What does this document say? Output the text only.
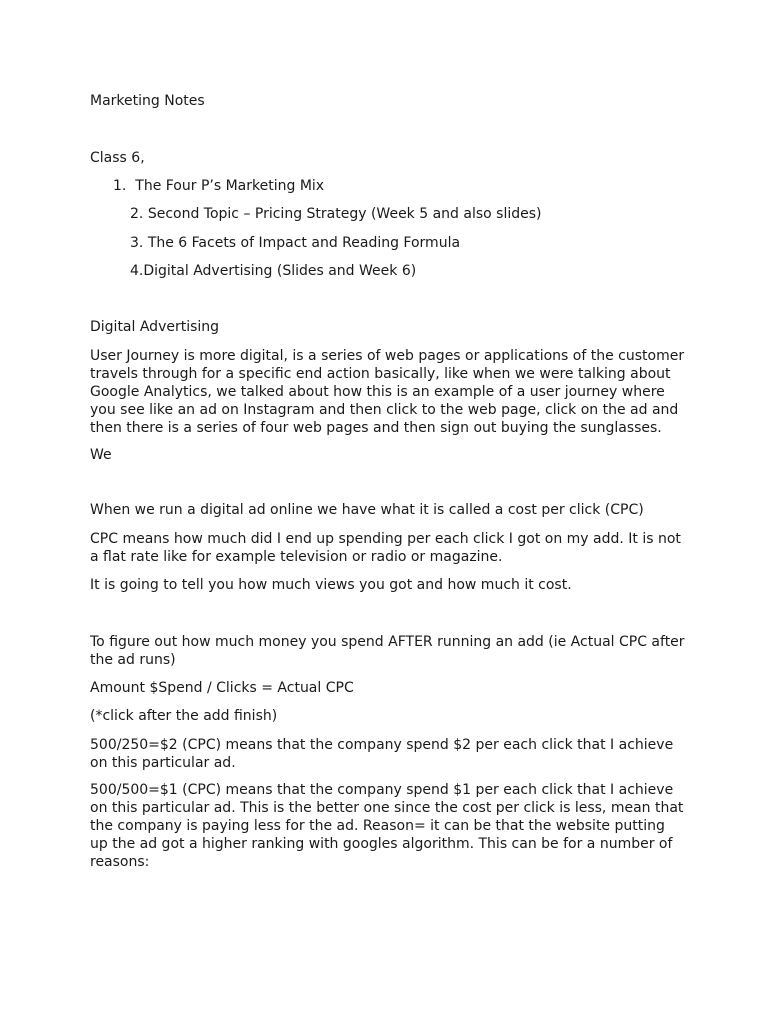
Marketing Notes

Class 6,

1. The Four P’s Marketing Mix

2. Second Topic – Pricing Strategy (Week 5 and also slides)

3. The 6 Facets of Impact and Reading Formula

4.Digital Advertising (Slides and Week 6)

Digital Advertising

User Journey is more digital, is a series of web pages or applications of the customer
travels through for a specific end action basically, like when we were talking about
Google Analytics, we talked about how this is an example of a user journey where
you see like an ad on Instagram and then click to the web page, click on the ad and
then there is a series of four web pages and then sign out buying the sunglasses.

We

When we run a digital ad online we have what it is called a cost per click (CPC)

CPC means how much did I end up spending per each click I got on my add. It is not
a flat rate like for example television or radio or magazine.

It is going to tell you how much views you got and how much it cost.

To figure out how much money you spend AFTER running an add (ie Actual CPC after
the ad runs)

Amount $Spend / Clicks = Actual CPC

(*click after the add finish)

500/250=$2 (CPC) means that the company spend $2 per each click that I achieve
on this particular ad.
500/500=$1 (CPC) means that the company spend $1 per each click that I achieve
on this particular ad. This is the better one since the cost per click is less, mean that
the company is paying less for the ad. Reason= it can be that the website putting
up the ad got a higher ranking with googles algorithm. This can be for a number of
reasons:
